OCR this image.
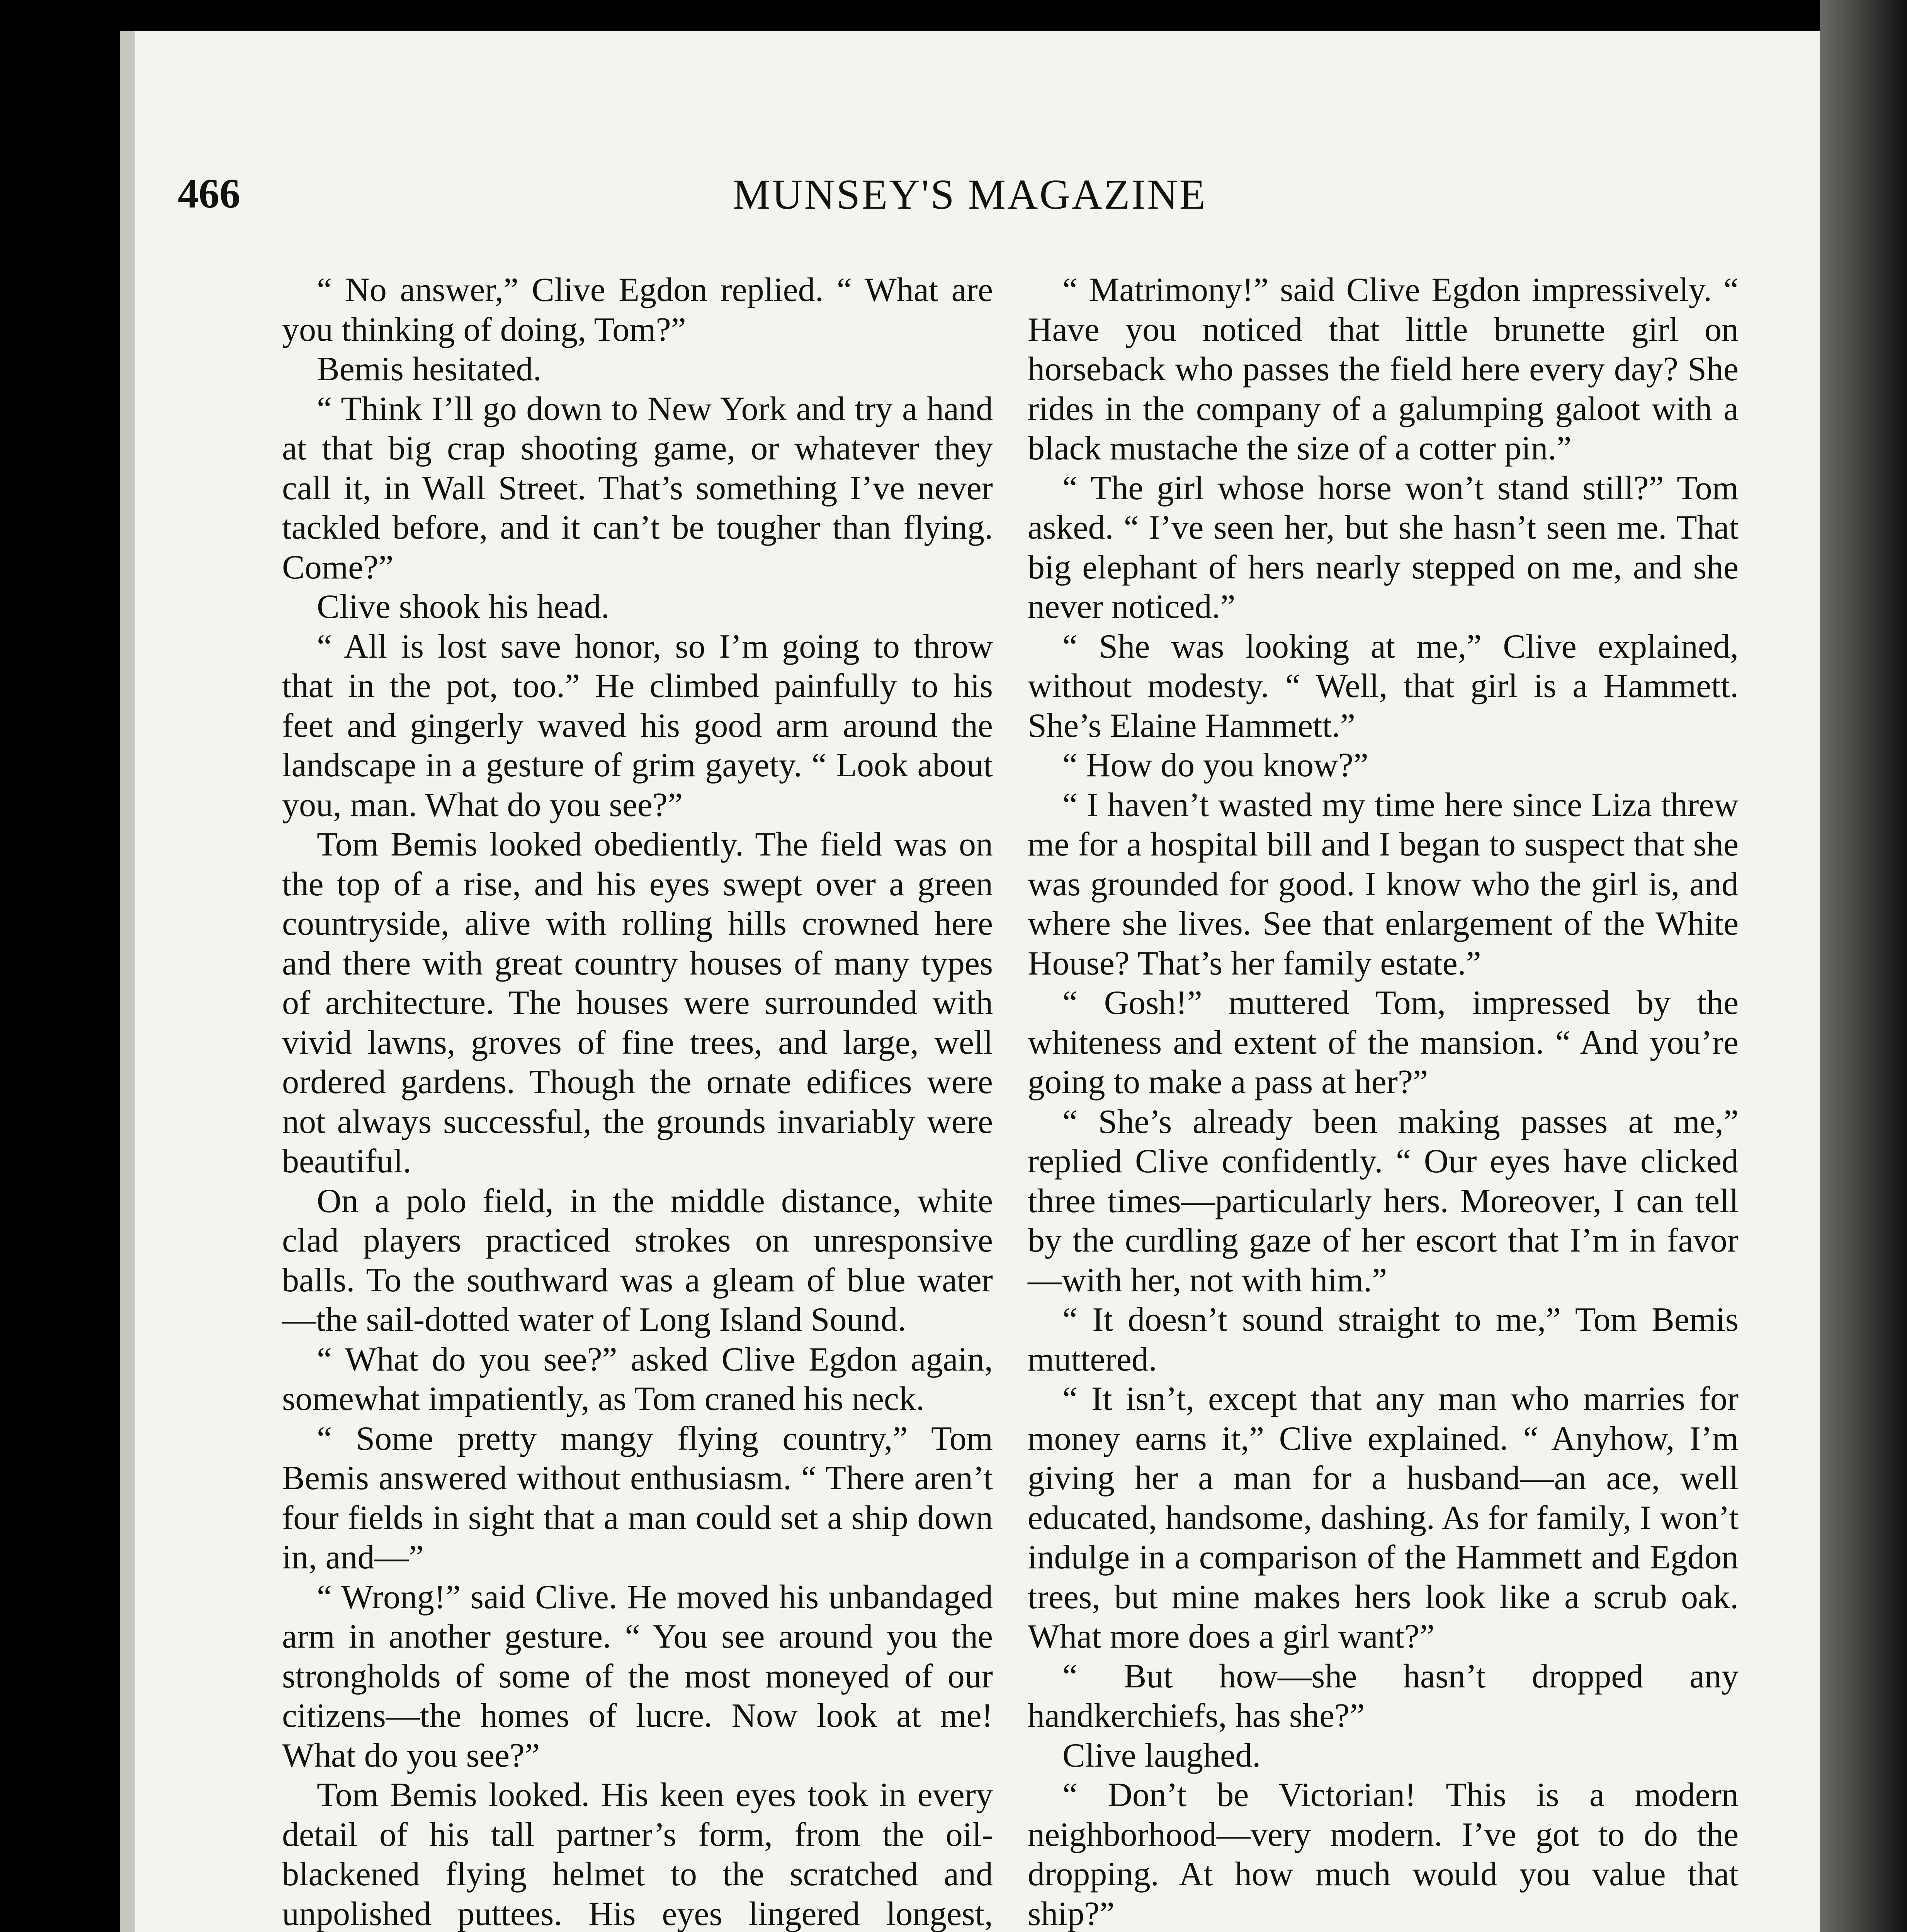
466	MUNSEY'S MAGAZINE

“ No answer,” Clive Egdon replied. “ What are you thinking of doing, Tom?”

Bemis hesitated.

“ Think I’ll go down to New York and try a hand at that big crap shooting game, or whatever they call it, in Wall Street. That’s something I’ve never tackled before, and it can’t be tougher than flying. Come?”

Clive shook his head.

“ All is lost save honor, so I’m going to throw that in the pot, too.” He climbed painfully to his feet and gingerly waved his good arm around the landscape in a gesture of grim gayety. “ Look about you, man. What do you see?”

Tom Bemis looked obediently. The field was on the top of a rise, and his eyes swept over a green countryside, alive with rolling hills crowned here and there with great country houses of many types of architecture. The houses were surrounded with vivid lawns, groves of fine trees, and large, well ordered gardens. Though the ornate edifices were not always successful, the grounds invariably were beautiful.

On a polo field, in the middle distance, white clad players practiced strokes on unresponsive balls. To the southward was a gleam of blue water—the sail-dotted water of Long Island Sound.

“ What do you see?” asked Clive Egdon again, somewhat impatiently, as Tom craned his neck.

“ Some pretty mangy flying country,” Tom Bemis answered without enthusiasm. “ There aren’t four fields in sight that a man could set a ship down in, and—”

“ Wrong!” said Clive. He moved his unbandaged arm in another gesture. “ You see around you the strongholds of some of the most moneyed of our citizens—the homes of lucre. Now look at me! What do you see?”

Tom Bemis looked. His keen eyes took in every detail of his tall partner’s form, from the oil-blackened flying helmet to the scratched and unpolished puttees. His eyes lingered longest,

“ Matrimony!” said Clive Egdon impressively. “ Have you noticed that little brunette girl on horseback who passes the field here every day? She rides in the company of a galumping galoot with a black mustache the size of a cotter pin.”

“ The girl whose horse won’t stand still?” Tom asked. “ I’ve seen her, but she hasn’t seen me. That big elephant of hers nearly stepped on me, and she never noticed.”

“ She was looking at me,” Clive explained, without modesty. “ Well, that girl is a Hammett. She’s Elaine Hammett.”

“ How do you know?”

“ I haven’t wasted my time here since Liza threw me for a hospital bill and I began to suspect that she was grounded for good. I know who the girl is, and where she lives. See that enlargement of the White House? That’s her family estate.”

“ Gosh!” muttered Tom, impressed by the whiteness and extent of the mansion. “ And you’re going to make a pass at her?”

“ She’s already been making passes at me,” replied Clive confidently. “ Our eyes have clicked three times—particularly hers. Moreover, I can tell by the curdling gaze of her escort that I’m in favor—with her, not with him.”

“ It doesn’t sound straight to me,” Tom Bemis muttered.

“ It isn’t, except that any man who marries for money earns it,” Clive explained. “ Anyhow, I’m giving her a man for a husband—an ace, well educated, handsome, dashing. As for family, I won’t indulge in a comparison of the Hammett and Egdon trees, but mine makes hers look like a scrub oak. What more does a girl want?”

“ But how—she hasn’t dropped any handkerchiefs, has she?”

Clive laughed.

“ Don’t be Victorian! This is a modern neighborhood—very modern. I’ve got to do the dropping. At how much would you value that ship?”
